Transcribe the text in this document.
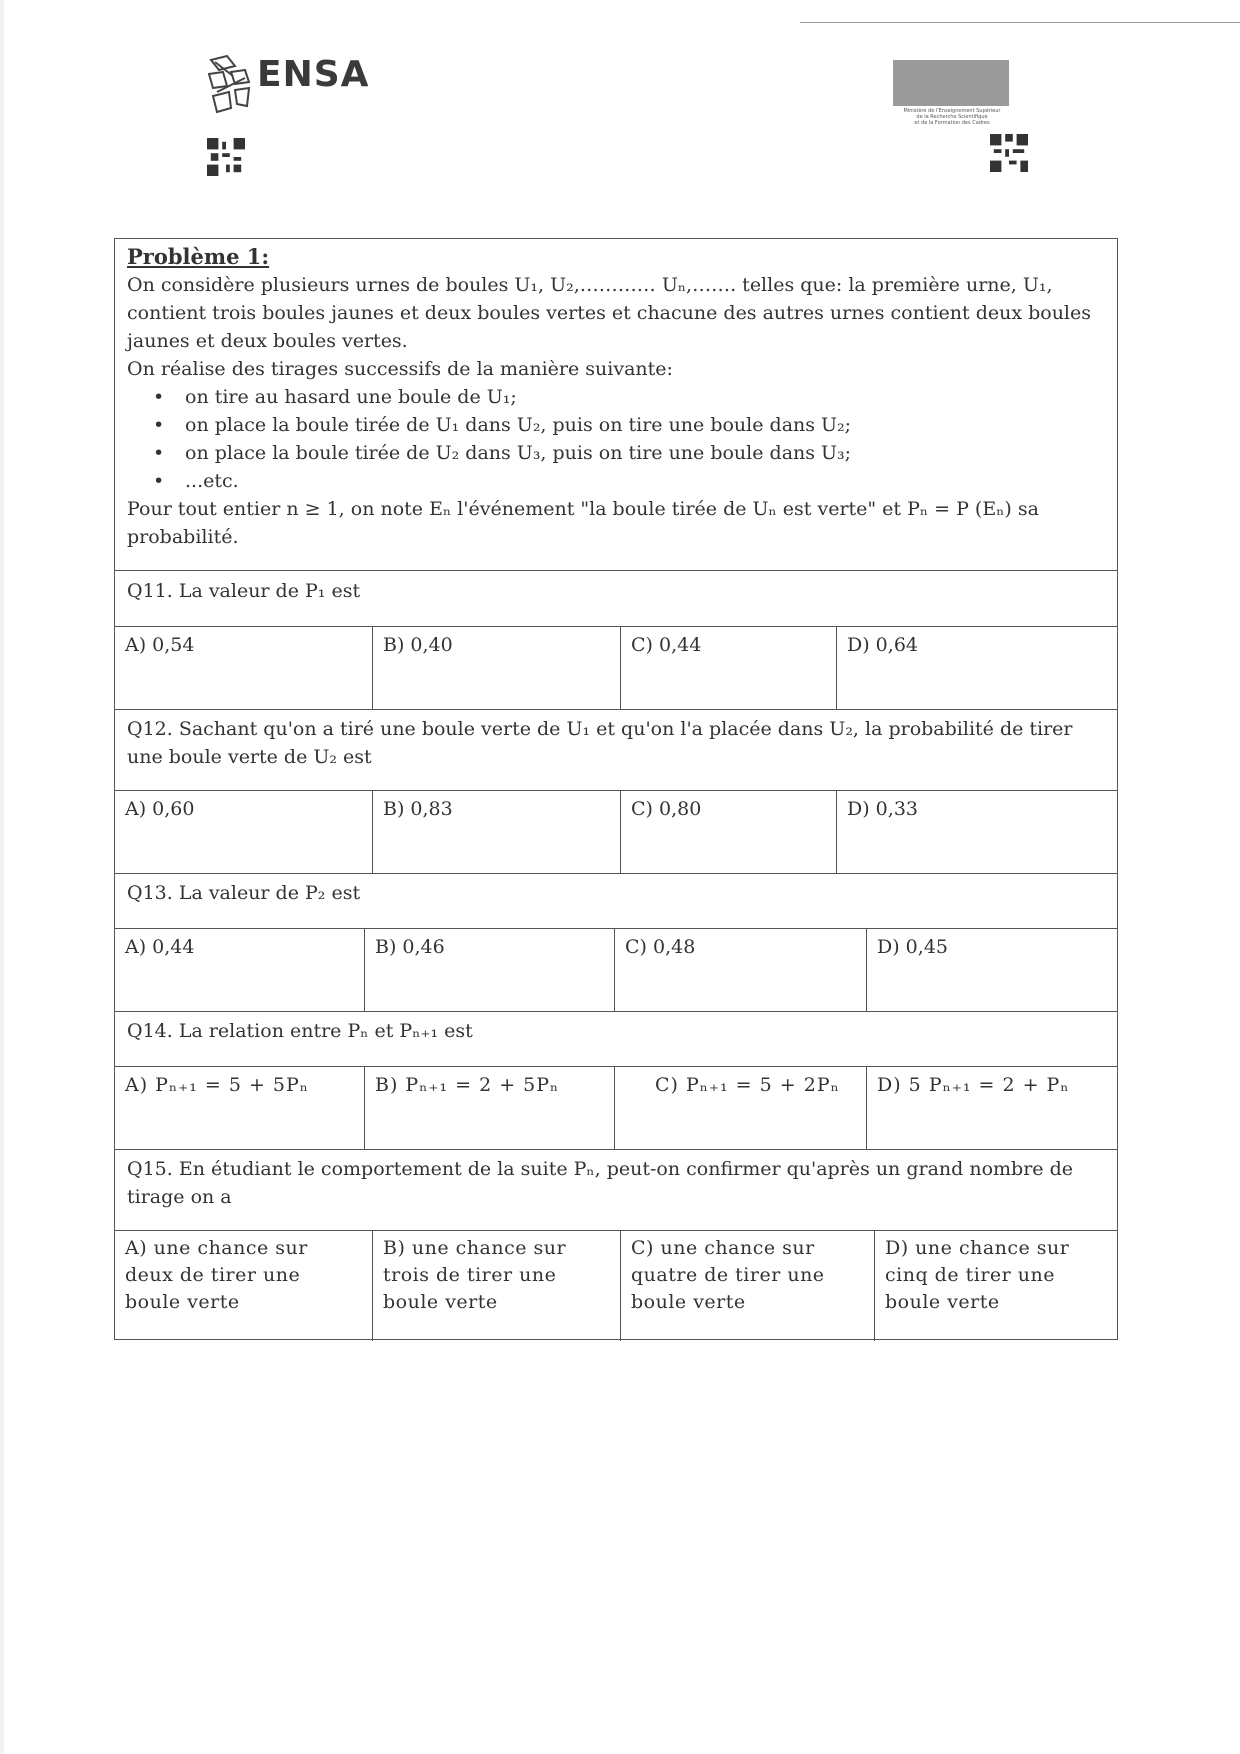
ENSA
Ministère de l'Enseignement Supérieur
de la Recherche Scientifique
et de la Formation des Cadres
Problème 1:

On considère plusieurs urnes de boules U₁, U₂,………… Uₙ,……. telles que: la première urne, U₁, contient trois boules jaunes et deux boules vertes et chacune des autres urnes contient deux boules jaunes et deux boules vertes.

On réalise des tirages successifs de la manière suivante:

• on tire au hasard une boule de U₁;
• on place la boule tirée de U₁ dans U₂, puis on tire une boule dans U₂;
• on place la boule tirée de U₂ dans U₃, puis on tire une boule dans U₃;
• ...etc.

Pour tout entier n ≥ 1, on note Eₙ l'événement "la boule tirée de Uₙ est verte" et Pₙ = P (Eₙ) sa probabilité.

Q11. La valeur de P₁ est
A) 0,54	B) 0,40	C) 0,44	D) 0,64
Q12. Sachant qu'on a tiré une boule verte de U₁ et qu'on l'a placée dans U₂, la probabilité de tirer une boule verte de U₂ est
A) 0,60	B) 0,83	C) 0,80	D) 0,33
Q13. La valeur de P₂ est
A) 0,44	B) 0,46	C) 0,48	D) 0,45
Q14. La relation entre Pₙ et Pₙ₊₁ est
A) Pₙ₊₁ = 5 + 5Pₙ	B) Pₙ₊₁ = 2 + 5Pₙ	C) Pₙ₊₁ = 5 + 2Pₙ	D) 5 Pₙ₊₁ = 2 + Pₙ
Q15. En étudiant le comportement de la suite Pₙ, peut-on confirmer qu'après un grand nombre de tirage on a
A) une chance sur deux de tirer une boule verte
B) une chance sur trois de tirer une boule verte
C) une chance sur quatre de tirer une boule verte
D) une chance sur cinq de tirer une boule verte
